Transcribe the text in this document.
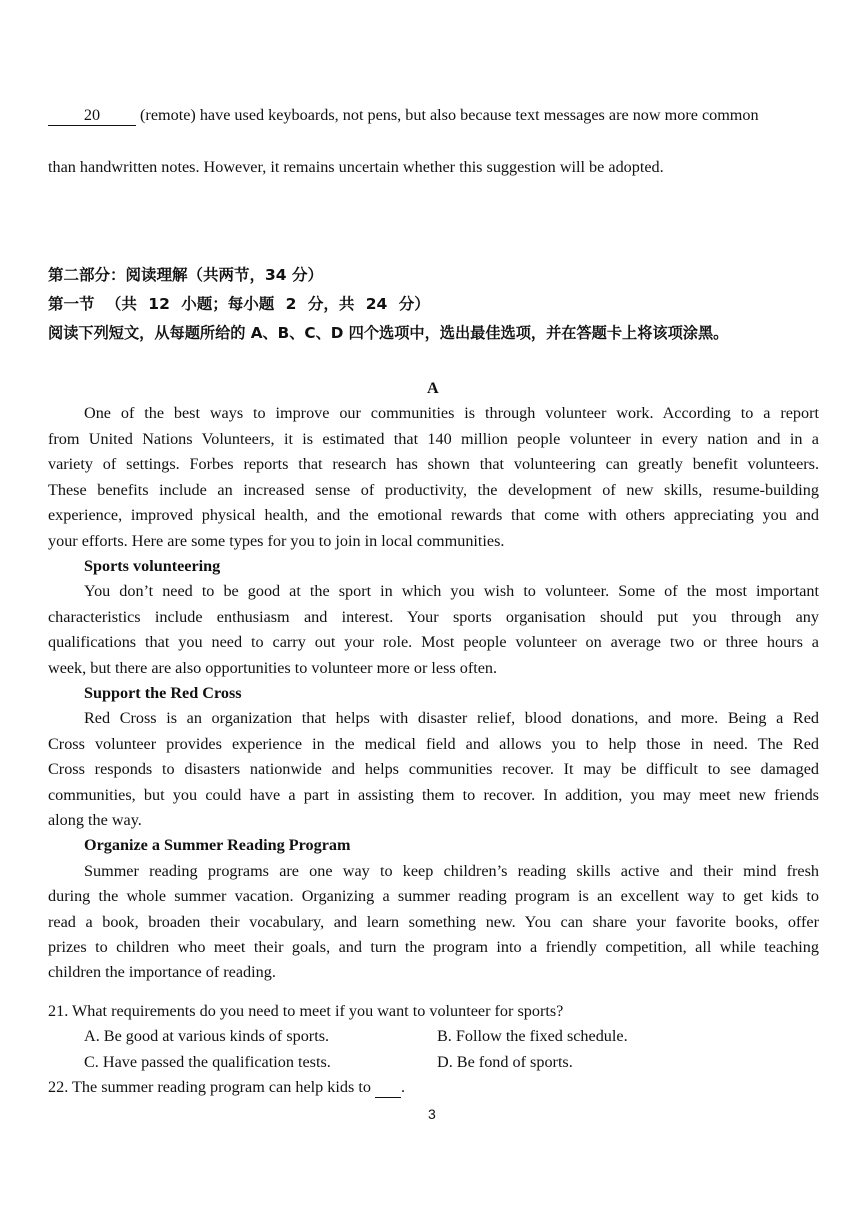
20 (remote) have used keyboards, not pens, but also because text messages are now more common
than handwritten notes. However, it remains uncertain whether this suggestion will be adopted.
第二部分：阅读理解（共两节，34 分）
第一节 （共 12 小题；每小题 2 分，共 24 分）
阅读下列短文，从每题所给的 A、B、C、D 四个选项中，选出最佳选项，并在答题卡上将该项涂黑。
A
One of the best ways to improve our communities is through volunteer work. According to a report
from United Nations Volunteers, it is estimated that 140 million people volunteer in every nation and in a
variety of settings. Forbes reports that research has shown that volunteering can greatly benefit volunteers.
These benefits include an increased sense of productivity, the development of new skills, resume-building
experience, improved physical health, and the emotional rewards that come with others appreciating you and
your efforts. Here are some types for you to join in local communities.
Sports volunteering
You don’t need to be good at the sport in which you wish to volunteer. Some of the most important
characteristics include enthusiasm and interest. Your sports organisation should put you through any
qualifications that you need to carry out your role. Most people volunteer on average two or three hours a
week, but there are also opportunities to volunteer more or less often.
Support the Red Cross
Red Cross is an organization that helps with disaster relief, blood donations, and more. Being a Red
Cross volunteer provides experience in the medical field and allows you to help those in need. The Red
Cross responds to disasters nationwide and helps communities recover. It may be difficult to see damaged
communities, but you could have a part in assisting them to recover. In addition, you may meet new friends
along the way.
Organize a Summer Reading Program
Summer reading programs are one way to keep children’s reading skills active and their mind fresh
during the whole summer vacation. Organizing a summer reading program is an excellent way to get kids to
read a book, broaden their vocabulary, and learn something new. You can share your favorite books, offer
prizes to children who meet their goals, and turn the program into a friendly competition, all while teaching
children the importance of reading.
21. What requirements do you need to meet if you want to volunteer for sports?
A. Be good at various kinds of sports.	B. Follow the fixed schedule.
C. Have passed the qualification tests.	D. Be fond of sports.
22. The summer reading program can help kids to .
3
